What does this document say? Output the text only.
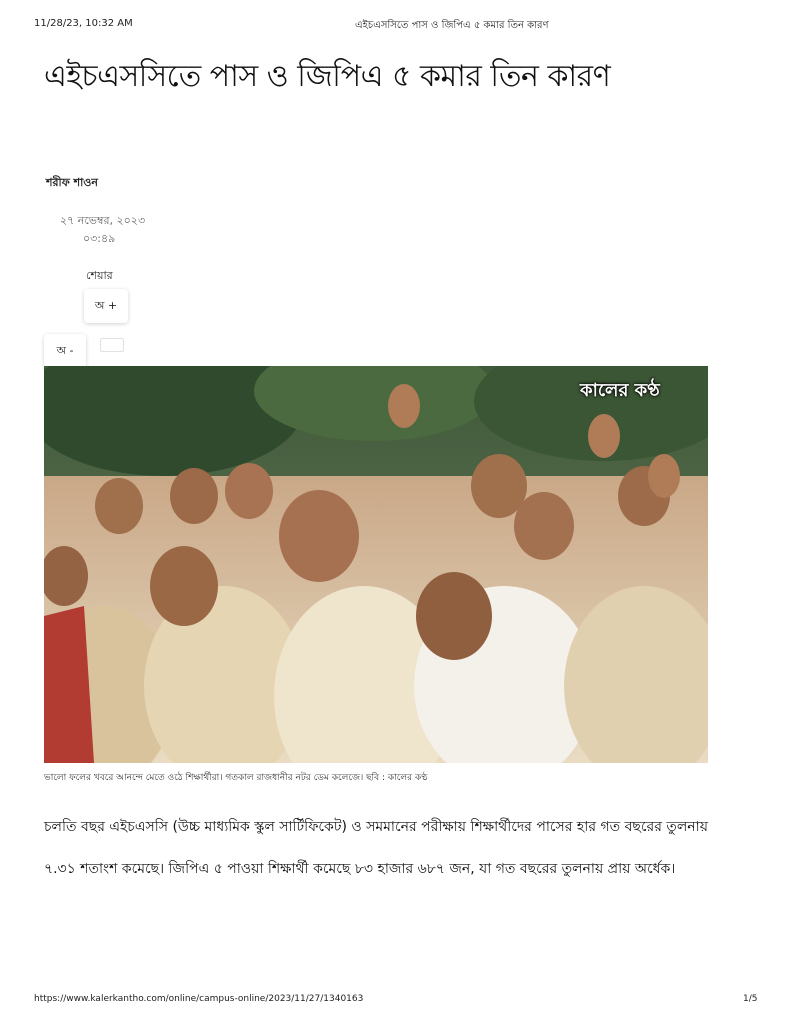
11/28/23, 10:32 AM	এইচএসসিতে পাস ও জিপিএ ৫ কমার তিন কারণ
এইচএসসিতে পাস ও জিপিএ ৫ কমার তিন কারণ
শরীফ শাওন
২৭ নভেম্বর, ২০২৩
০৩:৪৯
শেয়ার
অ +
অ -
কালের কণ্ঠ
ভালো ফলের খবরে আনন্দে মেতে ওঠে শিক্ষার্থীরা। গতকাল রাজধানীর নটর ডেম কলেজে। ছবি : কালের কণ্ঠ

চলতি বছর এইচএসসি (উচ্চ মাধ্যমিক স্কুল সার্টিফিকেট) ও সমমানের পরীক্ষায় শিক্ষার্থীদের পাসের হার গত বছরের তুলনায় ৭.৩১ শতাংশ কমেছে। জিপিএ ৫ পাওয়া শিক্ষার্থী কমেছে ৮৩ হাজার ৬৮৭ জন, যা গত বছরের তুলনায় প্রায় অর্ধেক।

https://www.kalerkantho.com/online/campus-online/2023/11/27/1340163	1/5
